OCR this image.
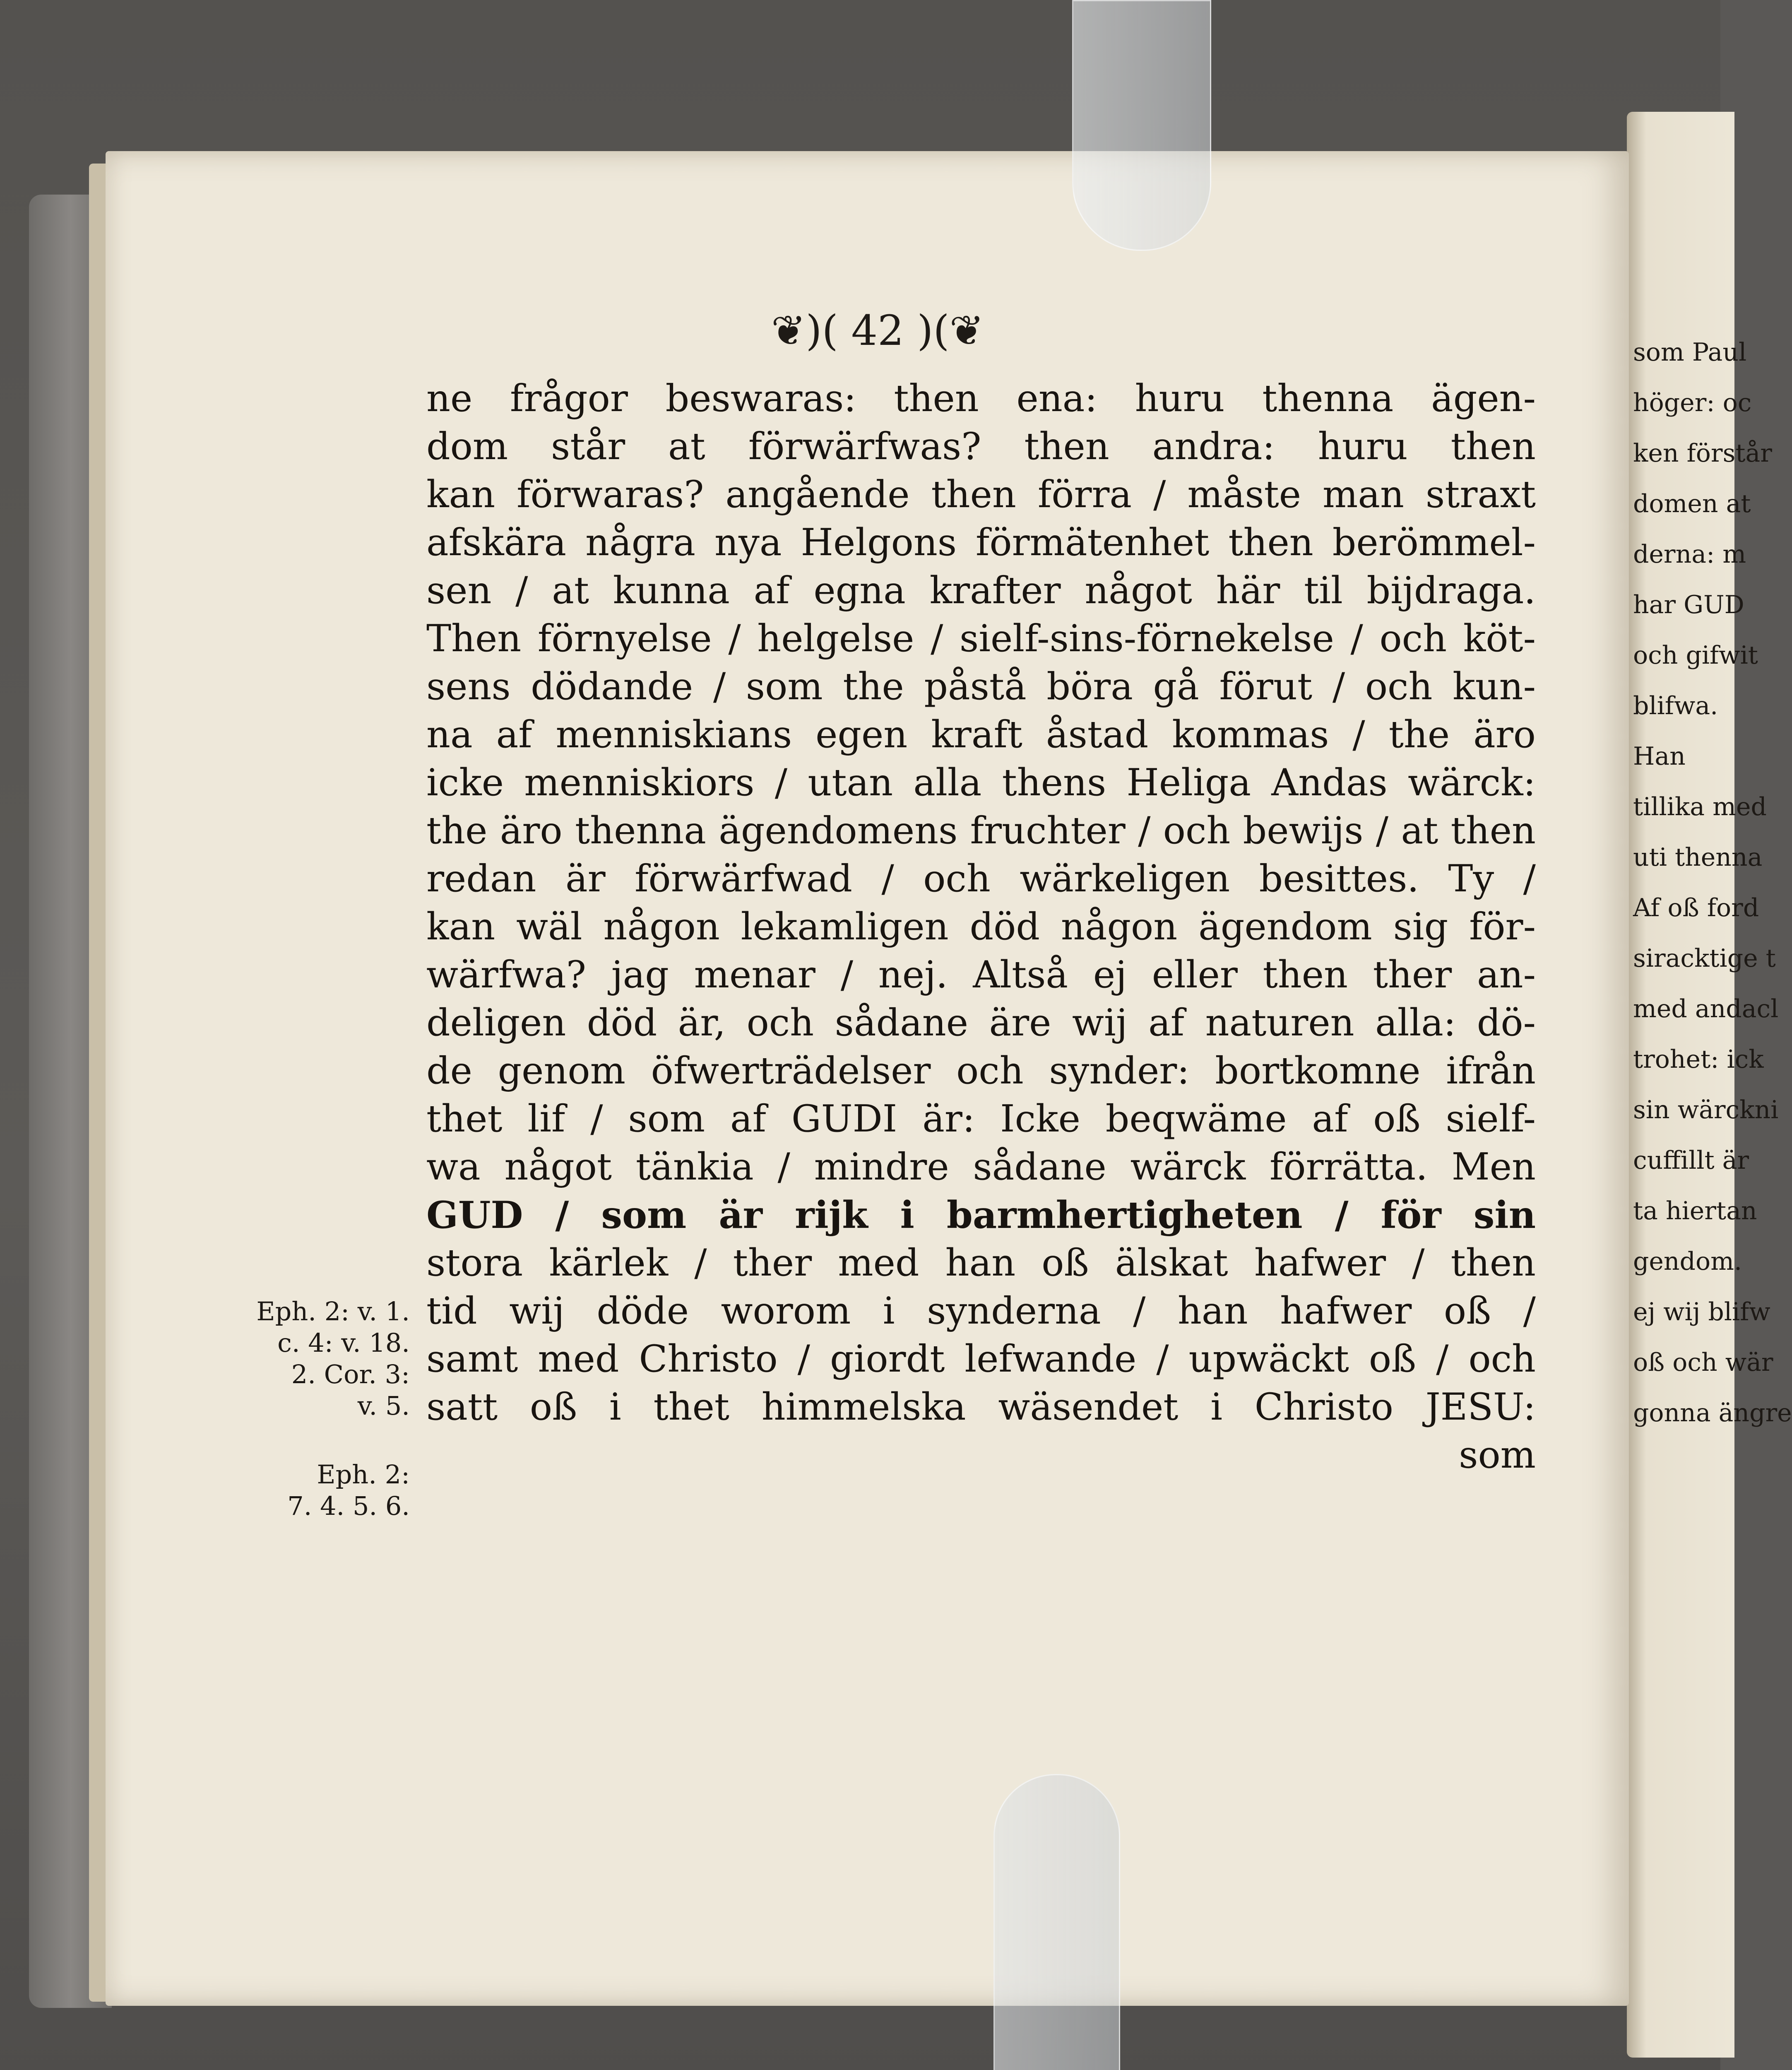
❦)( 42 )(❦
ne frågor beswaras: then ena: huru thenna ägen-
dom står at förwärfwas? then andra: huru then
kan förwaras? angående then förra / måste man straxt
afskära några nya Helgons förmätenhet then berömmel-
sen / at kunna af egna krafter något här til bijdraga.
Then förnyelse / helgelse / sielf-sins-förnekelse / och köt-
sens dödande / som the påstå böra gå förut / och kun-
na af menniskians egen kraft åstad kommas / the äro
icke menniskiors / utan alla thens Heliga Andas wärck:
the äro thenna ägendomens fruchter / och bewijs / at then
redan är förwärfwad / och wärkeligen besittes. Ty /
kan wäl någon lekamligen död någon ägendom sig för-
wärfwa? jag menar / nej. Altså ej eller then ther an-
deligen död är, och sådane äre wij af naturen alla: dö-
de genom öfwerträdelser och synder: bortkomne ifrån
thet lif / som af GUDI är: Icke beqwäme af oß sielf-
wa något tänkia / mindre sådane wärck förrätta. Men
GUD / som är rijk i barmhertigheten / för sin
stora kärlek / ther med han oß älskat hafwer / then
tid wij döde worom i synderna / han hafwer oß /
samt med Christo / giordt lefwande / upwäckt oß / och
satt oß i thet himmelska wäsendet i Christo JESU:
som
Eph. 2: v. 1.
c. 4: v. 18.
2. Cor. 3:
v. 5.
Eph. 2:
7. 4. 5. 6.
som Paul
höger: oc
ken förstår
domen at
derna: m
har GUD
och gifwit
blifwa.
Han
tillika med
uti thenna
Af oß ford
siracktige t
med andacl
trohet: ick
sin wärckni
cuffillt är
ta hiertan
gendom.
ej wij blifw
oß och wär
gonna ängre
